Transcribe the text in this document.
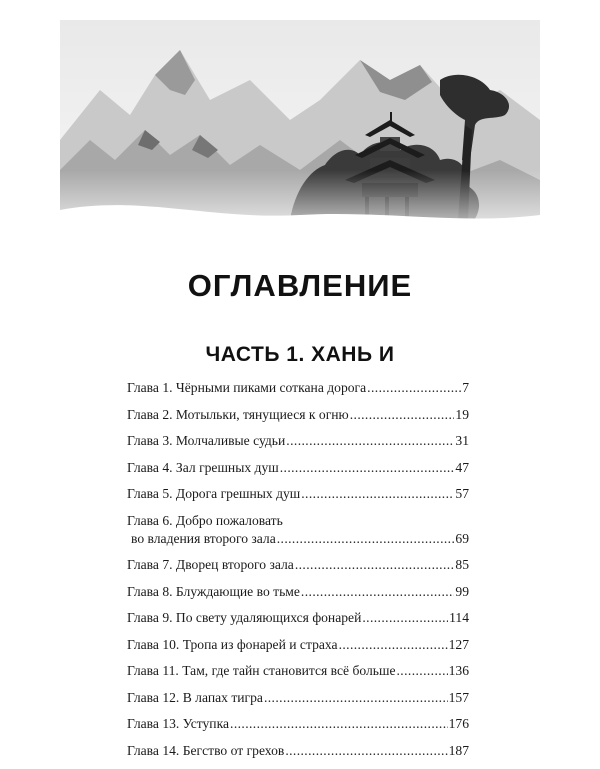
ОГЛАВЛЕНИЕ
ЧАСТЬ 1. ХАНЬ И
Глава 1. Чёрными пиками соткана дорога .....	7
Глава 2. Мотыльки, тянущиеся к огню .....	19
Глава 3. Молчаливые судьи .....	31
Глава 4. Зал грешных душ .....	47
Глава 5. Дорога грешных душ .....	57
Глава 6. Добро пожаловать
во владения второго зала .....	69
Глава 7. Дворец второго зала .....	85
Глава 8. Блуждающие во тьме .....	99
Глава 9. По свету удаляющихся фонарей .....	114
Глава 10. Тропа из фонарей и страха .....	127
Глава 11. Там, где тайн становится всё больше .....	136
Глава 12. В лапах тигра .....	157
Глава 13. Уступка .....	176
Глава 14. Бегство от грехов .....	187
